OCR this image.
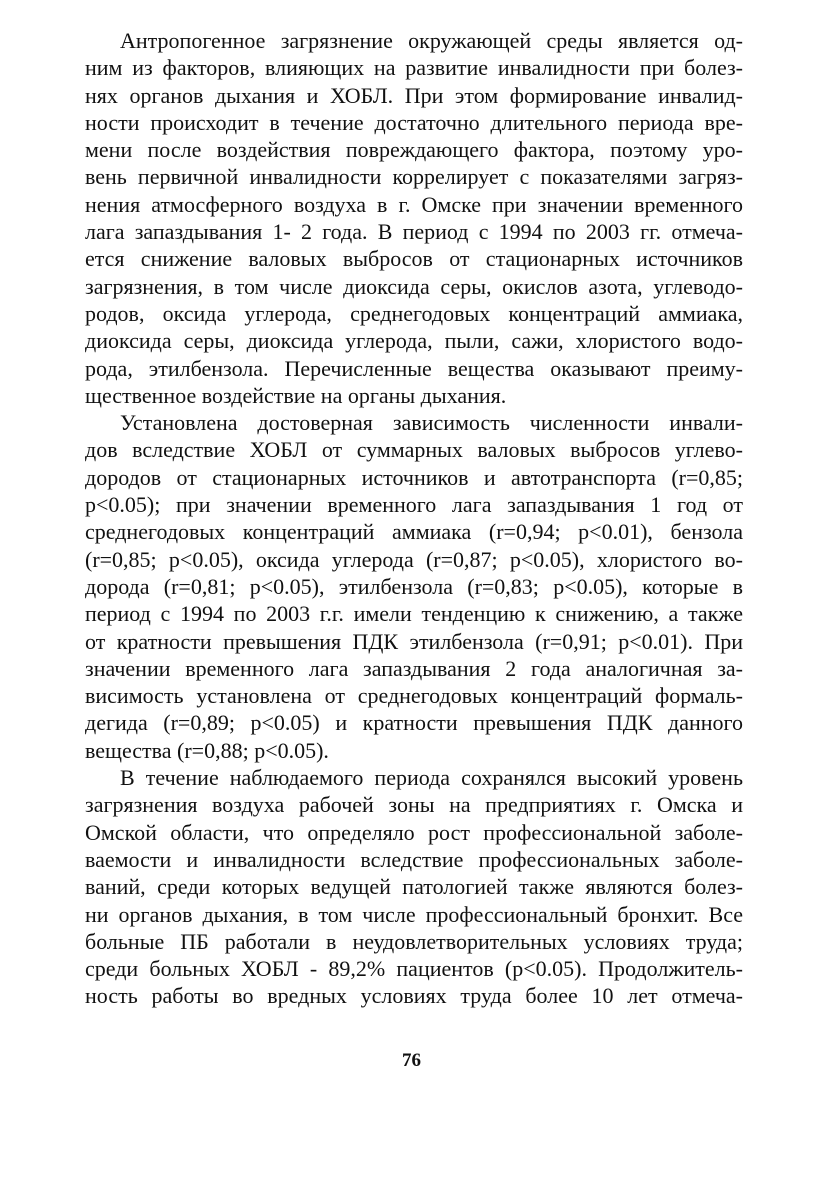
Антропогенное загрязнение окружающей среды является од-
ним из факторов, влияющих на развитие инвалидности при болез-
нях органов дыхания и ХОБЛ. При этом формирование инвалид-
ности происходит в течение достаточно длительного периода вре-
мени после воздействия повреждающего фактора, поэтому уро-
вень первичной инвалидности коррелирует с показателями загряз-
нения атмосферного воздуха в г. Омске при значении временного
лага запаздывания 1- 2 года. В период с 1994 по 2003 гг. отмеча-
ется снижение валовых выбросов от стационарных источников
загрязнения, в том числе диоксида серы, окислов азота, углеводо-
родов, оксида углерода, среднегодовых концентраций аммиака,
диоксида серы, диоксида углерода, пыли, сажи, хлористого водо-
рода, этилбензола. Перечисленные вещества оказывают преиму-
щественное воздействие на органы дыхания.
Установлена достоверная зависимость численности инвали-
дов вследствие ХОБЛ от суммарных валовых выбросов углево-
дородов от стационарных источников и автотранспорта (r=0,85;
p<0.05); при значении временного лага запаздывания 1 год от
среднегодовых концентраций аммиака (r=0,94; p<0.01), бензола
(r=0,85; p<0.05), оксида углерода (r=0,87; p<0.05), хлористого во-
дорода (r=0,81; p<0.05), этилбензола (r=0,83; p<0.05), которые в
период с 1994 по 2003 г.г. имели тенденцию к снижению, а также
от кратности превышения ПДК этилбензола (r=0,91; p<0.01). При
значении временного лага запаздывания 2 года аналогичная за-
висимость установлена от среднегодовых концентраций формаль-
дегида (r=0,89; p<0.05) и кратности превышения ПДК данного
вещества (r=0,88; p<0.05).
В течение наблюдаемого периода сохранялся высокий уровень
загрязнения воздуха рабочей зоны на предприятиях г. Омска и
Омской области, что определяло рост профессиональной заболе-
ваемости и инвалидности вследствие профессиональных заболе-
ваний, среди которых ведущей патологией также являются болез-
ни органов дыхания, в том числе профессиональный бронхит. Все
больные ПБ работали в неудовлетворительных условиях труда;
среди больных ХОБЛ - 89,2% пациентов (p<0.05). Продолжитель-
ность работы во вредных условиях труда более 10 лет отмеча-
76
